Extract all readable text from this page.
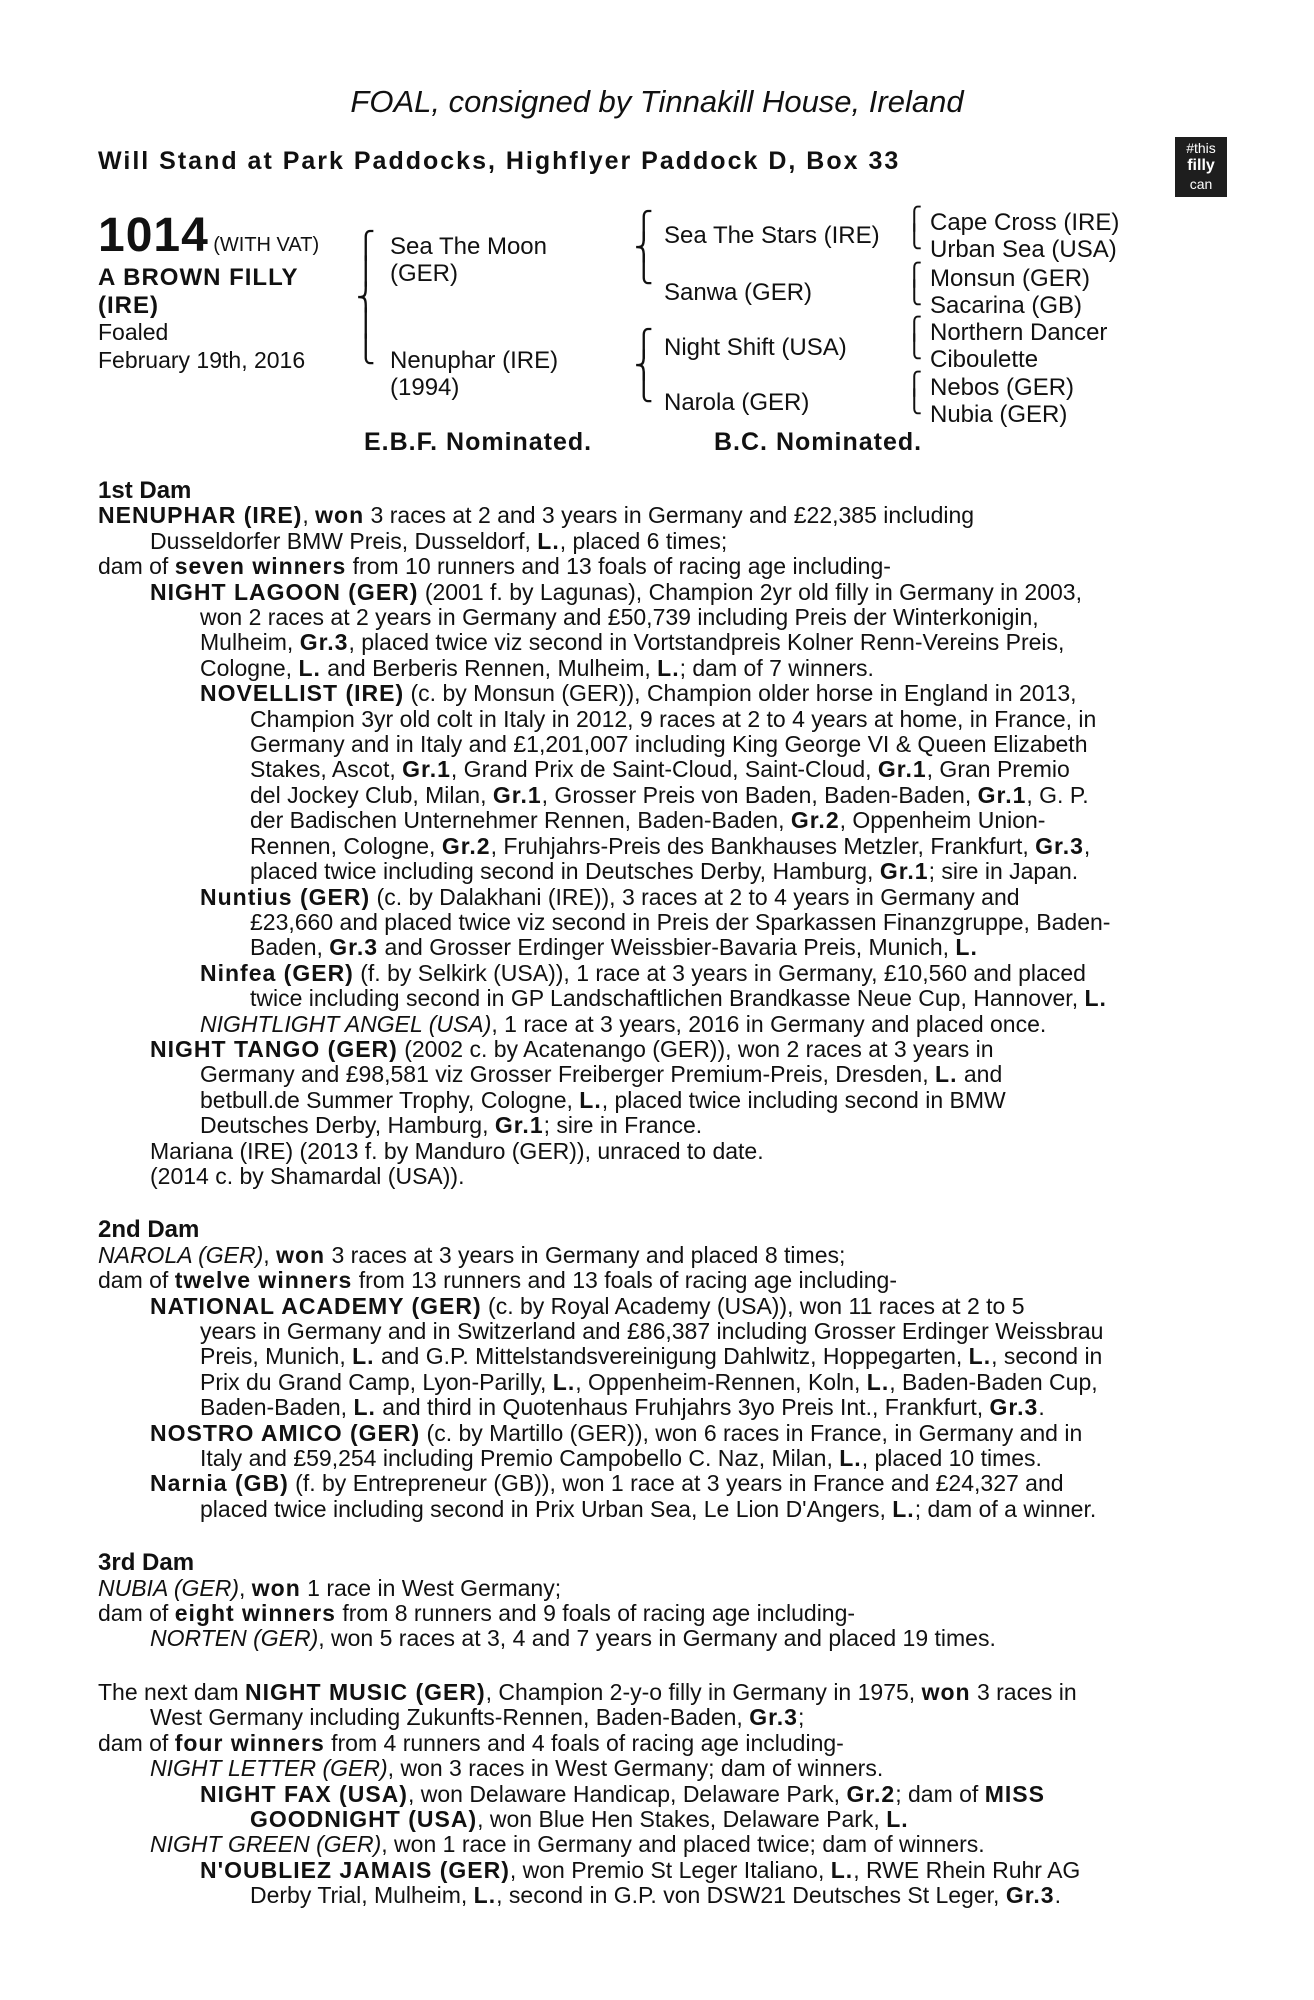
FOAL, consigned by Tinnakill House, Ireland
Will Stand at Park Paddocks, Highflyer Paddock D, Box 33	#this
filly
can
1014 (WITH VAT)
A BROWN FILLY
(IRE)
Foaled
February 19th, 2016
⎧
⎪
⎨
⎪
⎩
Sea The Moon
(GER)
Nenuphar (IRE)
(1994)
⎧
⎨
⎩
Sea The Stars (IRE)
Sanwa (GER)
⎧
⎨
⎩
Night Shift (USA)
Narola (GER)
⎧
⎩
Cape Cross (IRE)
Urban Sea (USA)
⎧
⎩
Monsun (GER)
Sacarina (GB)
⎧
⎩
Northern Dancer
Ciboulette
⎧
⎩
Nebos (GER)
Nubia (GER)
E.B.F. Nominated.	B.C. Nominated.
1st Dam
NENUPHAR (IRE), won 3 races at 2 and 3 years in Germany and £22,385 including
Dusseldorfer BMW Preis, Dusseldorf, L., placed 6 times;
dam of seven winners from 10 runners and 13 foals of racing age including-
NIGHT LAGOON (GER) (2001 f. by Lagunas), Champion 2yr old filly in Germany in 2003,
won 2 races at 2 years in Germany and £50,739 including Preis der Winterkonigin,
Mulheim, Gr.3, placed twice viz second in Vortstandpreis Kolner Renn-Vereins Preis,
Cologne, L. and Berberis Rennen, Mulheim, L.; dam of 7 winners.
NOVELLIST (IRE) (c. by Monsun (GER)), Champion older horse in England in 2013,
Champion 3yr old colt in Italy in 2012, 9 races at 2 to 4 years at home, in France, in
Germany and in Italy and £1,201,007 including King George VI & Queen Elizabeth
Stakes, Ascot, Gr.1, Grand Prix de Saint-Cloud, Saint-Cloud, Gr.1, Gran Premio
del Jockey Club, Milan, Gr.1, Grosser Preis von Baden, Baden-Baden, Gr.1, G. P.
der Badischen Unternehmer Rennen, Baden-Baden, Gr.2, Oppenheim Union-
Rennen, Cologne, Gr.2, Fruhjahrs-Preis des Bankhauses Metzler, Frankfurt, Gr.3,
placed twice including second in Deutsches Derby, Hamburg, Gr.1; sire in Japan.
Nuntius (GER) (c. by Dalakhani (IRE)), 3 races at 2 to 4 years in Germany and
£23,660 and placed twice viz second in Preis der Sparkassen Finanzgruppe, Baden-
Baden, Gr.3 and Grosser Erdinger Weissbier-Bavaria Preis, Munich, L.
Ninfea (GER) (f. by Selkirk (USA)), 1 race at 3 years in Germany, £10,560 and placed
twice including second in GP Landschaftlichen Brandkasse Neue Cup, Hannover, L.
NIGHTLIGHT ANGEL (USA), 1 race at 3 years, 2016 in Germany and placed once.
NIGHT TANGO (GER) (2002 c. by Acatenango (GER)), won 2 races at 3 years in
Germany and £98,581 viz Grosser Freiberger Premium-Preis, Dresden, L. and
betbull.de Summer Trophy, Cologne, L., placed twice including second in BMW
Deutsches Derby, Hamburg, Gr.1; sire in France.
Mariana (IRE) (2013 f. by Manduro (GER)), unraced to date.
(2014 c. by Shamardal (USA)).
2nd Dam
NAROLA (GER), won 3 races at 3 years in Germany and placed 8 times;
dam of twelve winners from 13 runners and 13 foals of racing age including-
NATIONAL ACADEMY (GER) (c. by Royal Academy (USA)), won 11 races at 2 to 5
years in Germany and in Switzerland and £86,387 including Grosser Erdinger Weissbrau
Preis, Munich, L. and G.P. Mittelstandsvereinigung Dahlwitz, Hoppegarten, L., second in
Prix du Grand Camp, Lyon-Parilly, L., Oppenheim-Rennen, Koln, L., Baden-Baden Cup,
Baden-Baden, L. and third in Quotenhaus Fruhjahrs 3yo Preis Int., Frankfurt, Gr.3.
NOSTRO AMICO (GER) (c. by Martillo (GER)), won 6 races in France, in Germany and in
Italy and £59,254 including Premio Campobello C. Naz, Milan, L., placed 10 times.
Narnia (GB) (f. by Entrepreneur (GB)), won 1 race at 3 years in France and £24,327 and
placed twice including second in Prix Urban Sea, Le Lion D'Angers, L.; dam of a winner.
3rd Dam
NUBIA (GER), won 1 race in West Germany;
dam of eight winners from 8 runners and 9 foals of racing age including-
NORTEN (GER), won 5 races at 3, 4 and 7 years in Germany and placed 19 times.
The next dam NIGHT MUSIC (GER), Champion 2-y-o filly in Germany in 1975, won 3 races in
West Germany including Zukunfts-Rennen, Baden-Baden, Gr.3;
dam of four winners from 4 runners and 4 foals of racing age including-
NIGHT LETTER (GER), won 3 races in West Germany; dam of winners.
NIGHT FAX (USA), won Delaware Handicap, Delaware Park, Gr.2; dam of MISS
GOODNIGHT (USA), won Blue Hen Stakes, Delaware Park, L.
NIGHT GREEN (GER), won 1 race in Germany and placed twice; dam of winners.
N'OUBLIEZ JAMAIS (GER), won Premio St Leger Italiano, L., RWE Rhein Ruhr AG
Derby Trial, Mulheim, L., second in G.P. von DSW21 Deutsches St Leger, Gr.3.
